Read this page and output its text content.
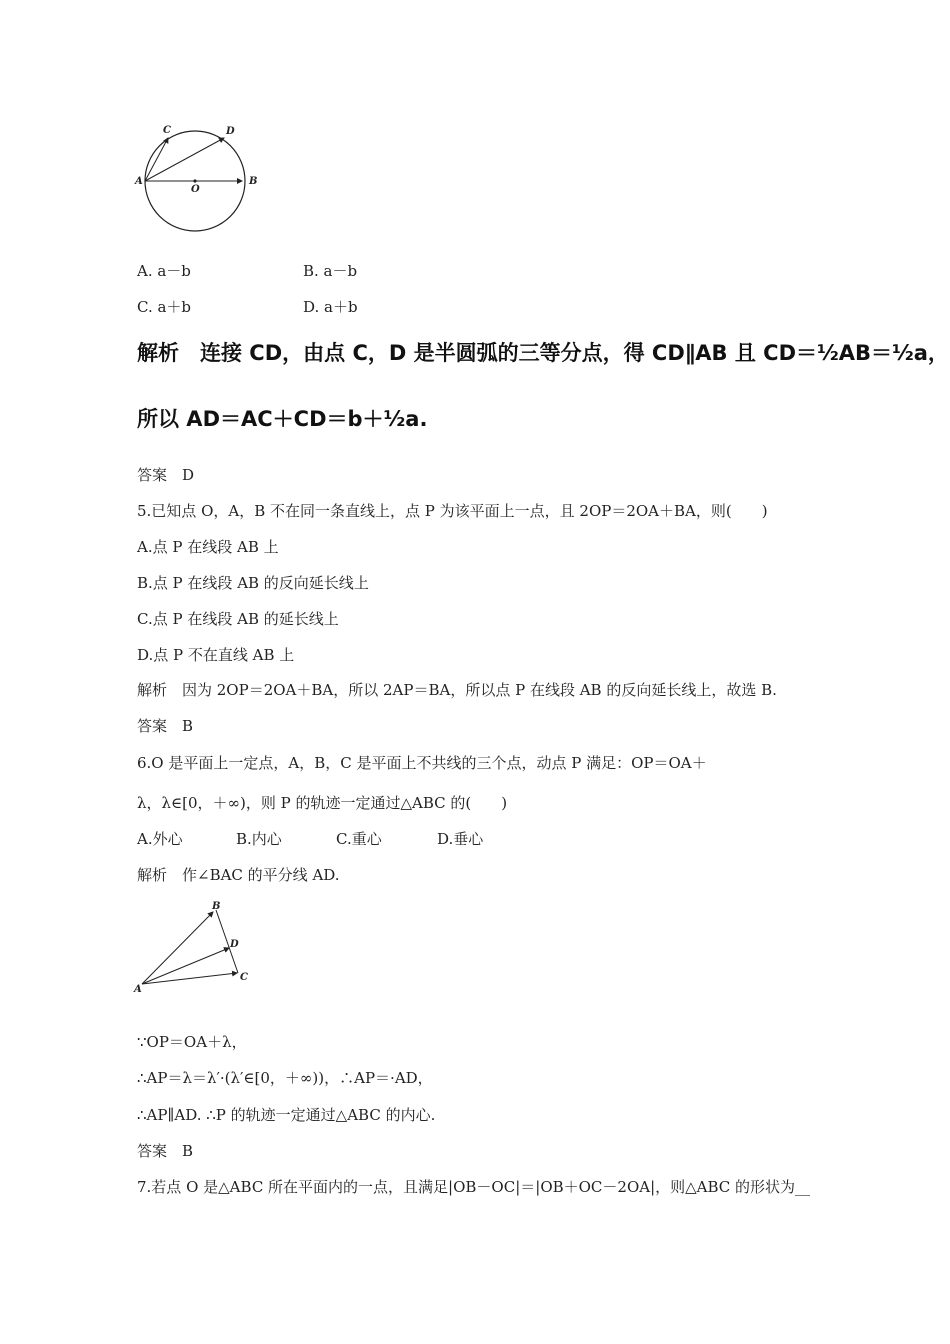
C	D
A
O
B
A. a－b	B. a－b
C. a＋b	D. a＋b
解析　连接 CD，由点 C，D 是半圆弧的三等分点，得 CD∥AB 且 CD＝½AB＝½a，
所以 AD＝AC＋CD＝b＋½a.
答案　D
5.已知点 O，A，B 不在同一条直线上，点 P 为该平面上一点，且 2OP＝2OA＋BA，则(　　)
A.点 P 在线段 AB 上
B.点 P 在线段 AB 的反向延长线上
C.点 P 在线段 AB 的延长线上
D.点 P 不在直线 AB 上
解析　因为 2OP＝2OA＋BA，所以 2AP＝BA，所以点 P 在线段 AB 的反向延长线上，故选 B.
答案　B
6.O 是平面上一定点，A，B，C 是平面上不共线的三个点，动点 P 满足：OP＝OA＋
λ，λ∈[0，＋∞)，则 P 的轨迹一定通过△ABC 的(　　)
A.外心	B.内心	C.重心	D.垂心
解析　作∠BAC 的平分线 AD.
B
D
A
C
∵OP＝OA＋λ，
∴AP＝λ＝λ′·(λ′∈[0，＋∞))，∴AP＝·AD，
∴AP∥AD. ∴P 的轨迹一定通过△ABC 的内心.
答案　B
7.若点 O 是△ABC 所在平面内的一点，且满足|OB－OC|＝|OB＋OC－2OA|，则△ABC 的形状为__
